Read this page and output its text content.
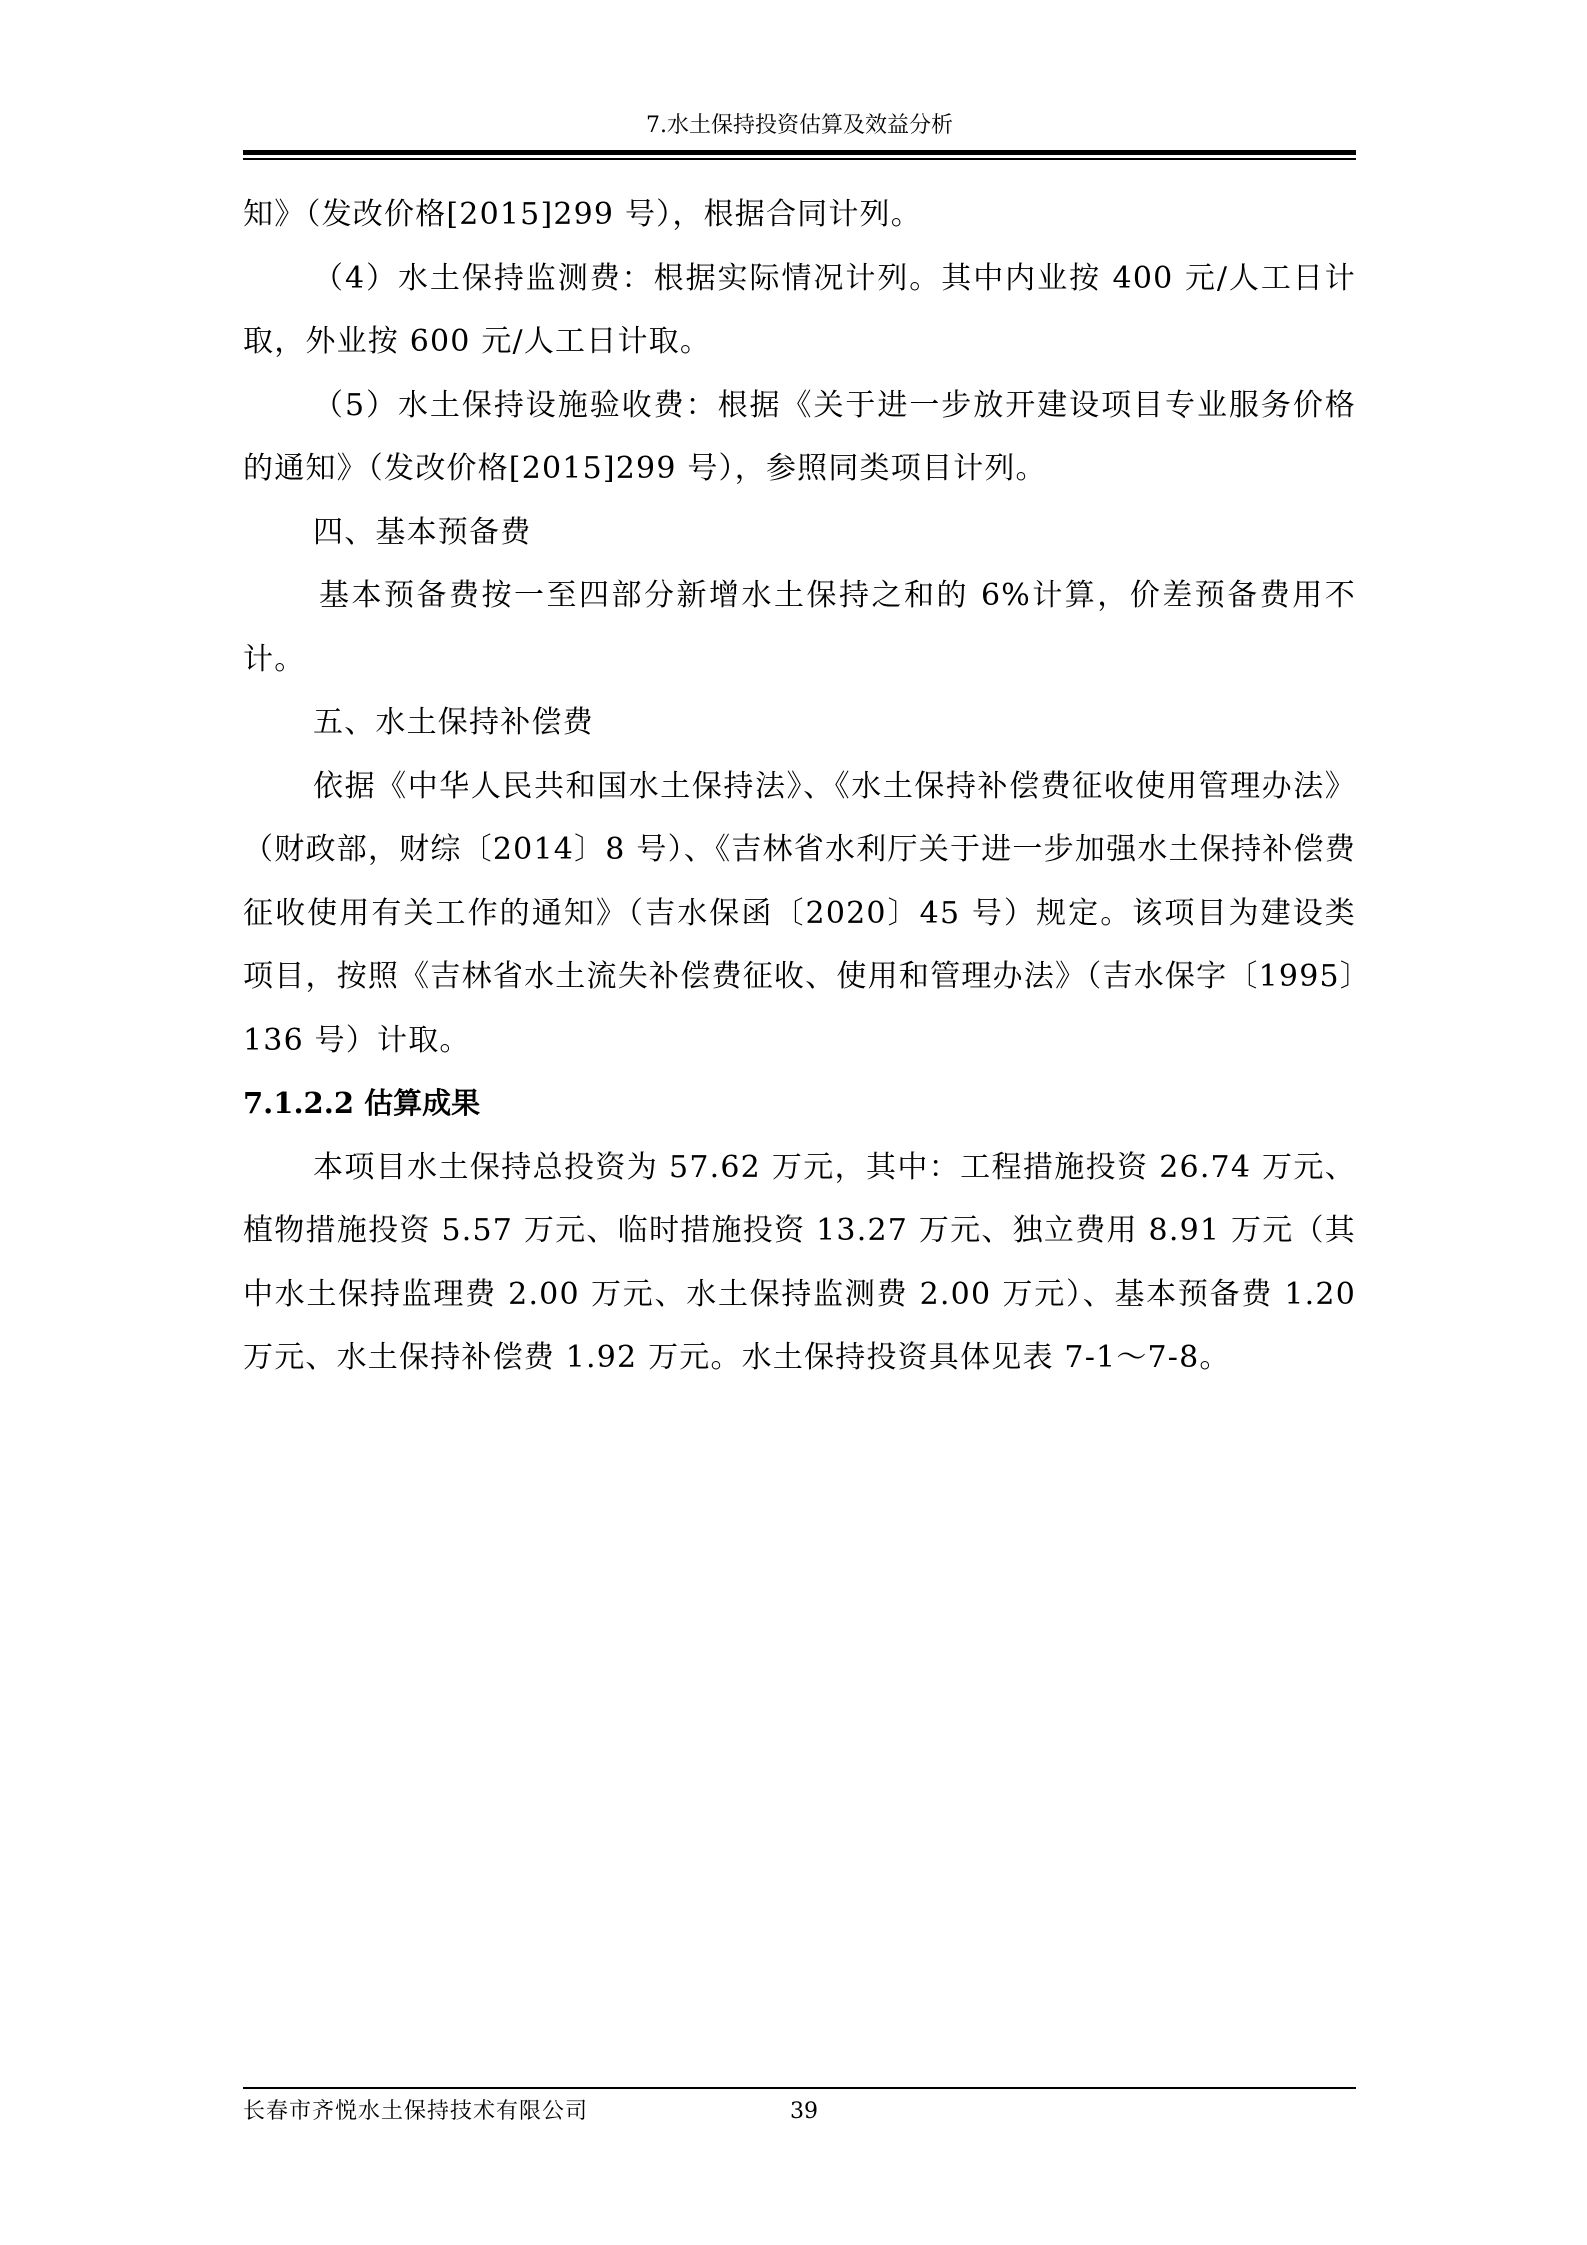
7.水土保持投资估算及效益分析

知》（发改价格[2015]299 号），根据合同计列。

（4）水土保持监测费：根据实际情况计列。其中内业按 400 元/人工日计取，外业按 600 元/人工日计取。

（5）水土保持设施验收费：根据《关于进一步放开建设项目专业服务价格的通知》（发改价格[2015]299 号），参照同类项目计列。

四、基本预备费

基本预备费按一至四部分新增水土保持之和的 6%计算，价差预备费用不计。

五、水土保持补偿费

依据《中华人民共和国水土保持法》、《水土保持补偿费征收使用管理办法》（财政部，财综〔2014〕8 号）、《吉林省水利厅关于进一步加强水土保持补偿费征收使用有关工作的通知》（吉水保函〔2020〕45 号）规定。该项目为建设类项目，按照《吉林省水土流失补偿费征收、使用和管理办法》（吉水保字〔1995〕136 号）计取。

7.1.2.2 估算成果

本项目水土保持总投资为 57.62 万元，其中：工程措施投资 26.74 万元、植物措施投资 5.57 万元、临时措施投资 13.27 万元、独立费用 8.91 万元（其中水土保持监理费 2.00 万元、水土保持监测费 2.00 万元）、基本预备费 1.20 万元、水土保持补偿费 1.92 万元。水土保持投资具体见表 7-1～7-8。

长春市齐悦水土保持技术有限公司	39
